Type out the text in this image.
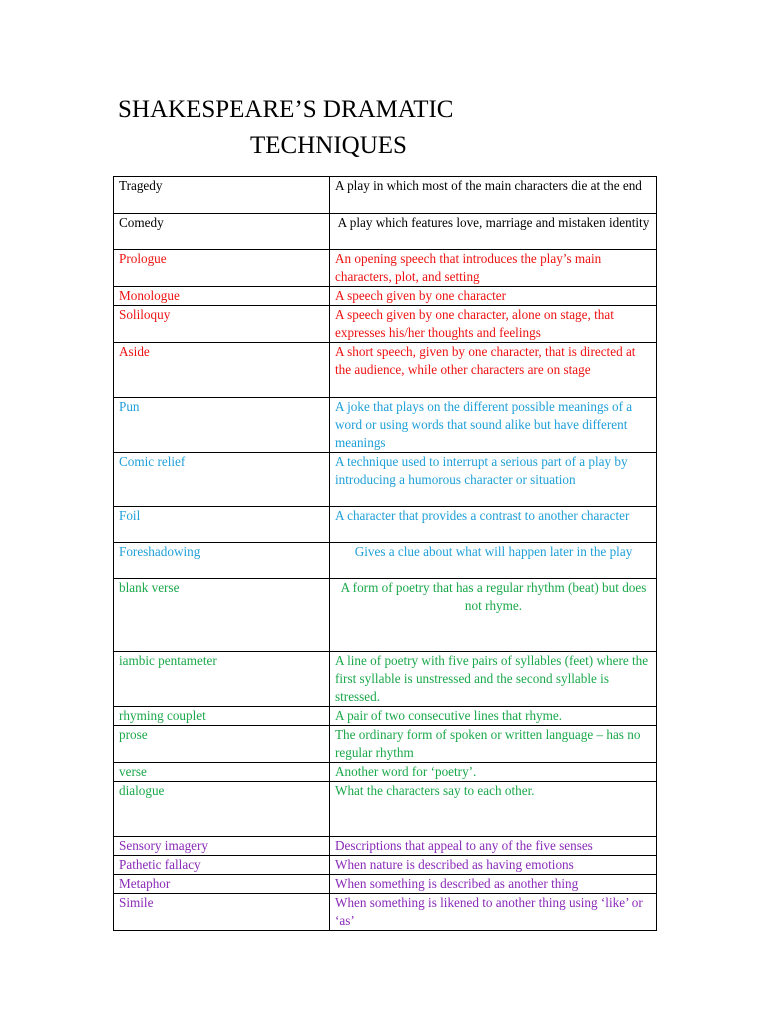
SHAKESPEARE’S DRAMATIC
TECHNIQUES
Tragedy	A play in which most of the main characters die at the end
Comedy	A play which features love, marriage and mistaken identity
Prologue	An opening speech that introduces the play’s main characters, plot, and setting
Monologue	A speech given by one character
Soliloquy	A speech given by one character, alone on stage, that expresses his/her thoughts and feelings
Aside	A short speech, given by one character, that is directed at the audience, while other characters are on stage
Pun	A joke that plays on the different possible meanings of a word or using words that sound alike but have different meanings
Comic relief	A technique used to interrupt a serious part of a play by introducing a humorous character or situation
Foil	A character that provides a contrast to another character
Foreshadowing	Gives a clue about what will happen later in the play
blank verse	A form of poetry that has a regular rhythm (beat) but does not rhyme.
iambic pentameter	A line of poetry with five pairs of syllables (feet) where the first syllable is unstressed and the second syllable is stressed.
rhyming couplet	A pair of two consecutive lines that rhyme.
prose	The ordinary form of spoken or written language – has no regular rhythm
verse	Another word for ‘poetry’.
dialogue	What the characters say to each other.
Sensory imagery	Descriptions that appeal to any of the five senses
Pathetic fallacy	When nature is described as having emotions
Metaphor	When something is described as another thing
Simile	When something is likened to another thing using ‘like’ or ‘as’
